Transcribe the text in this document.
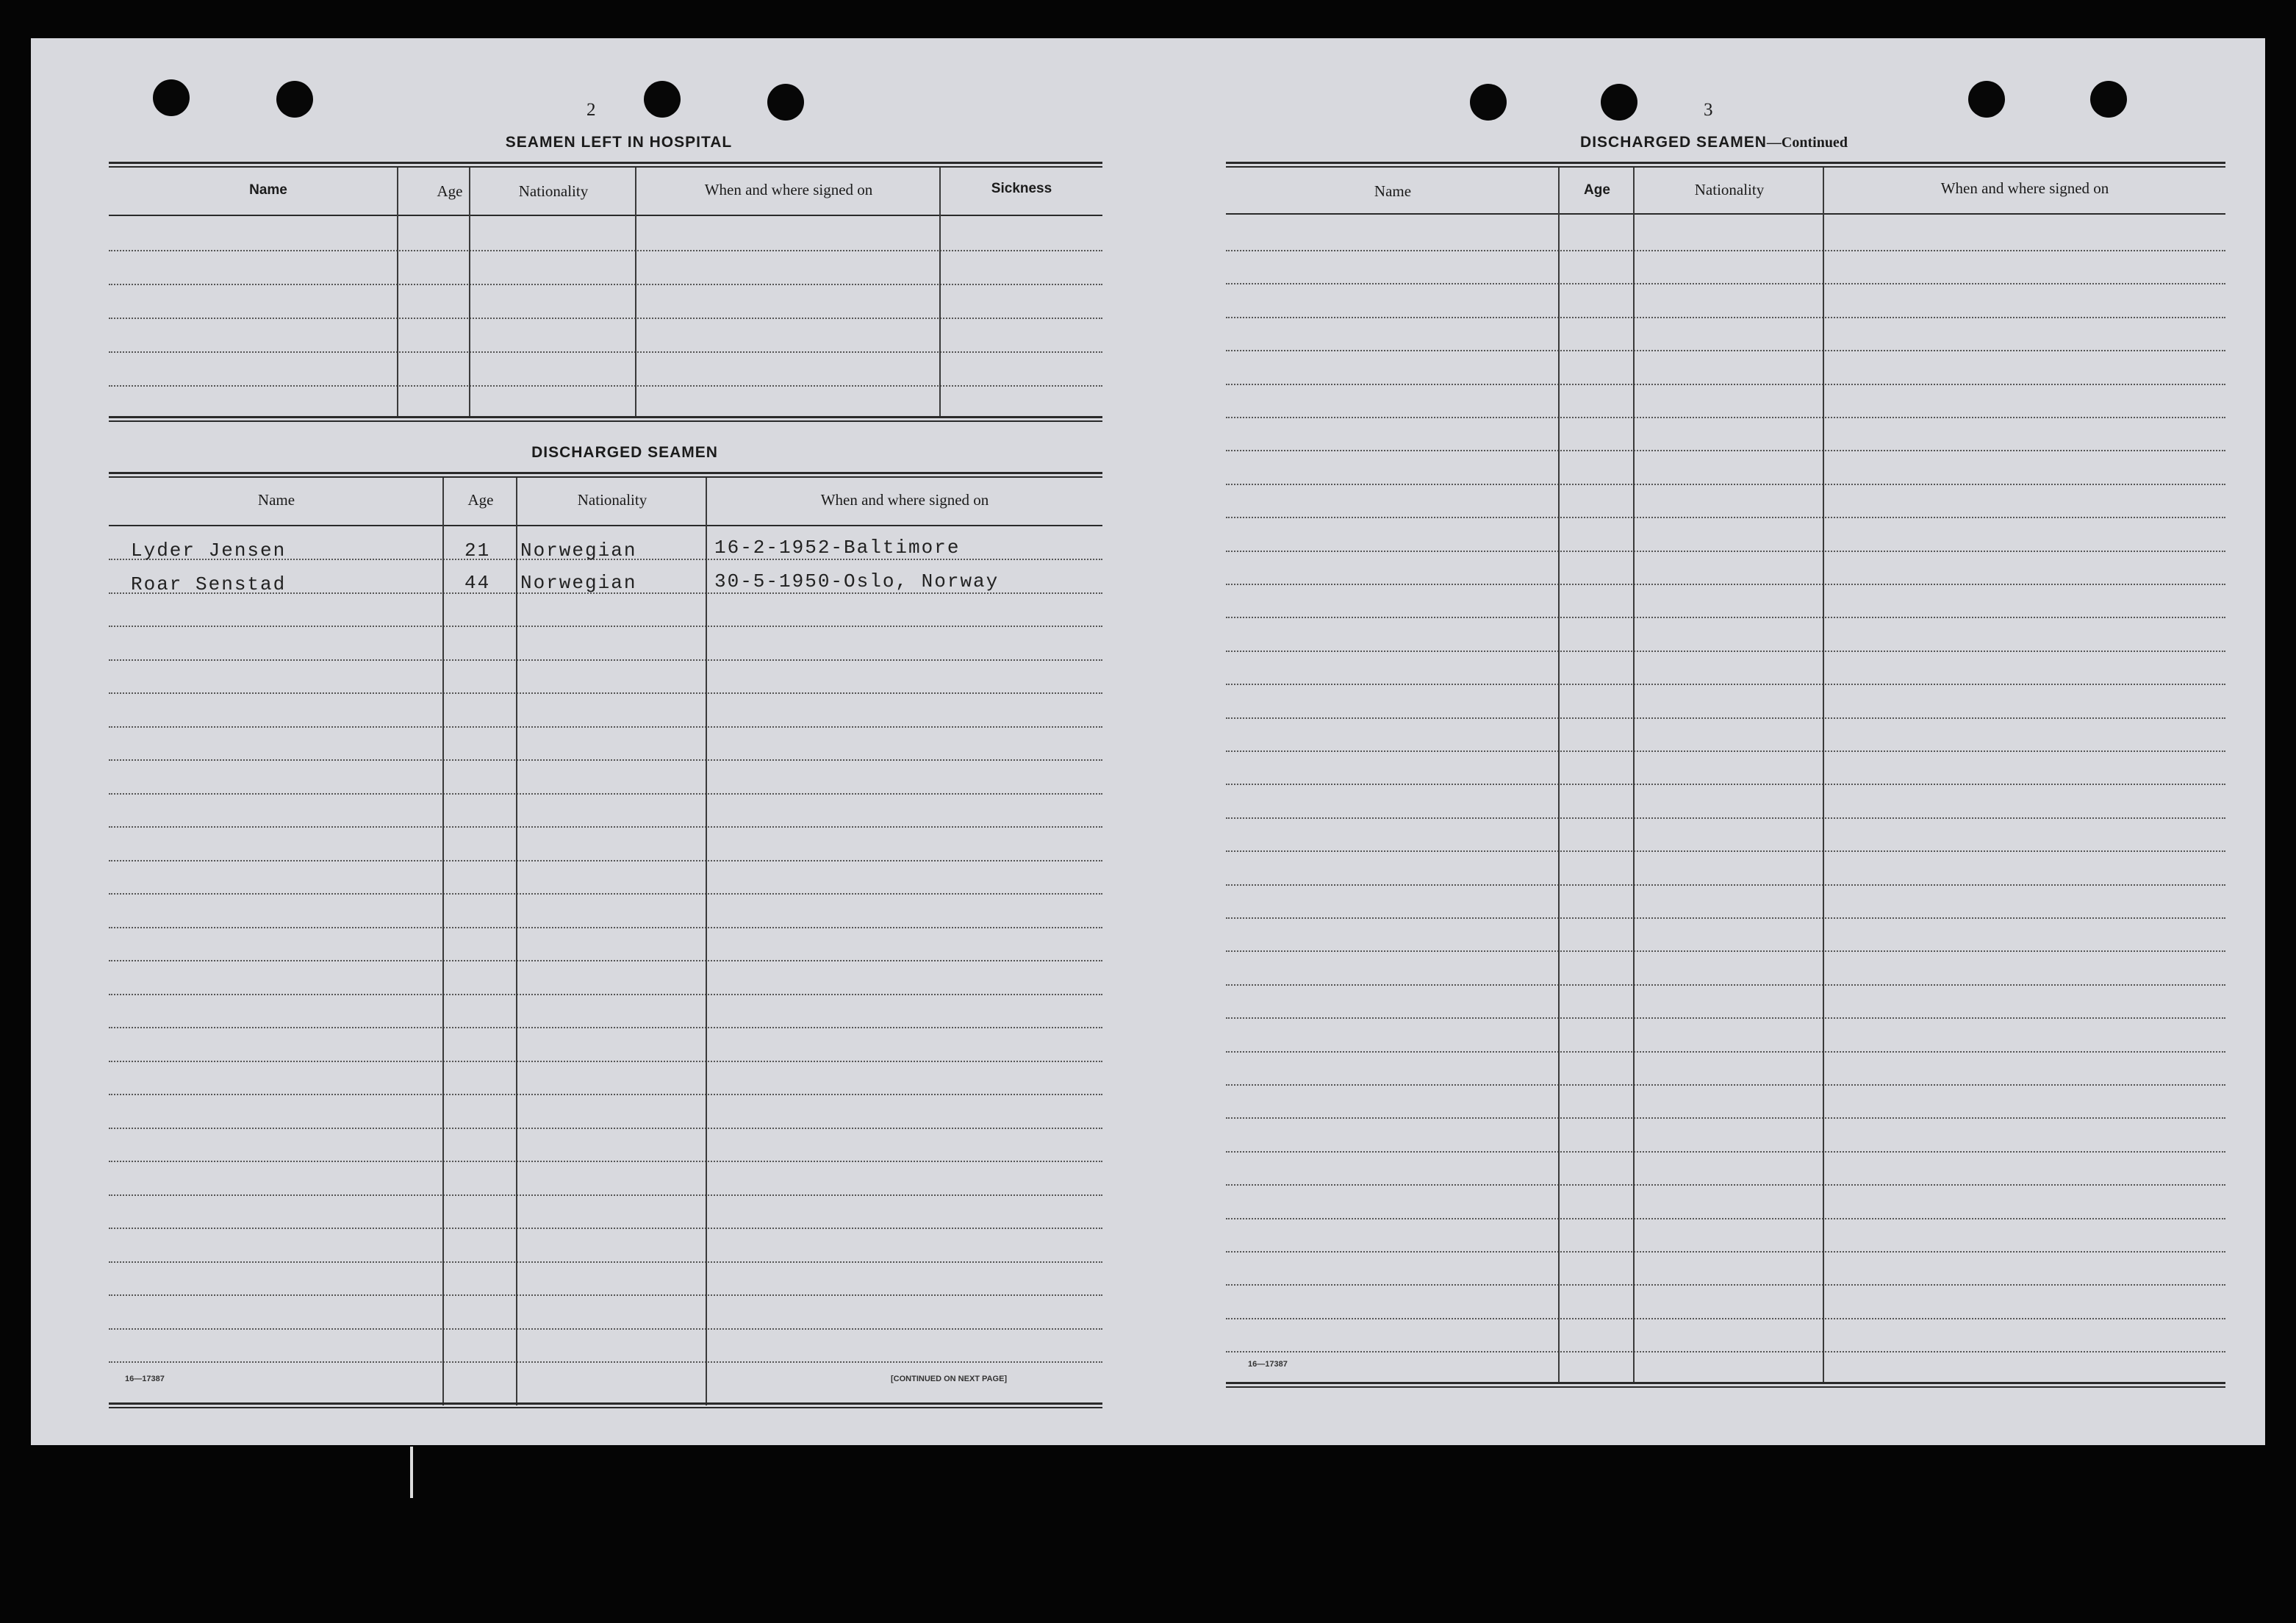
2
SEAMEN LEFT IN HOSPITAL
Name	Age	Nationality	When and where signed on	Sickness
DISCHARGED SEAMEN
Name	Age	Nationality	When and where signed on
Lyder Jensen	21 Norwegian	16-2-1952-Baltimore
Roar Senstad	44 Norwegian	30-5-1950-Oslo, Norway
16—17387	[CONTINUED ON NEXT PAGE]
3
DISCHARGED SEAMEN—Continued
Name	Age	Nationality	When and where signed on
16—17387
